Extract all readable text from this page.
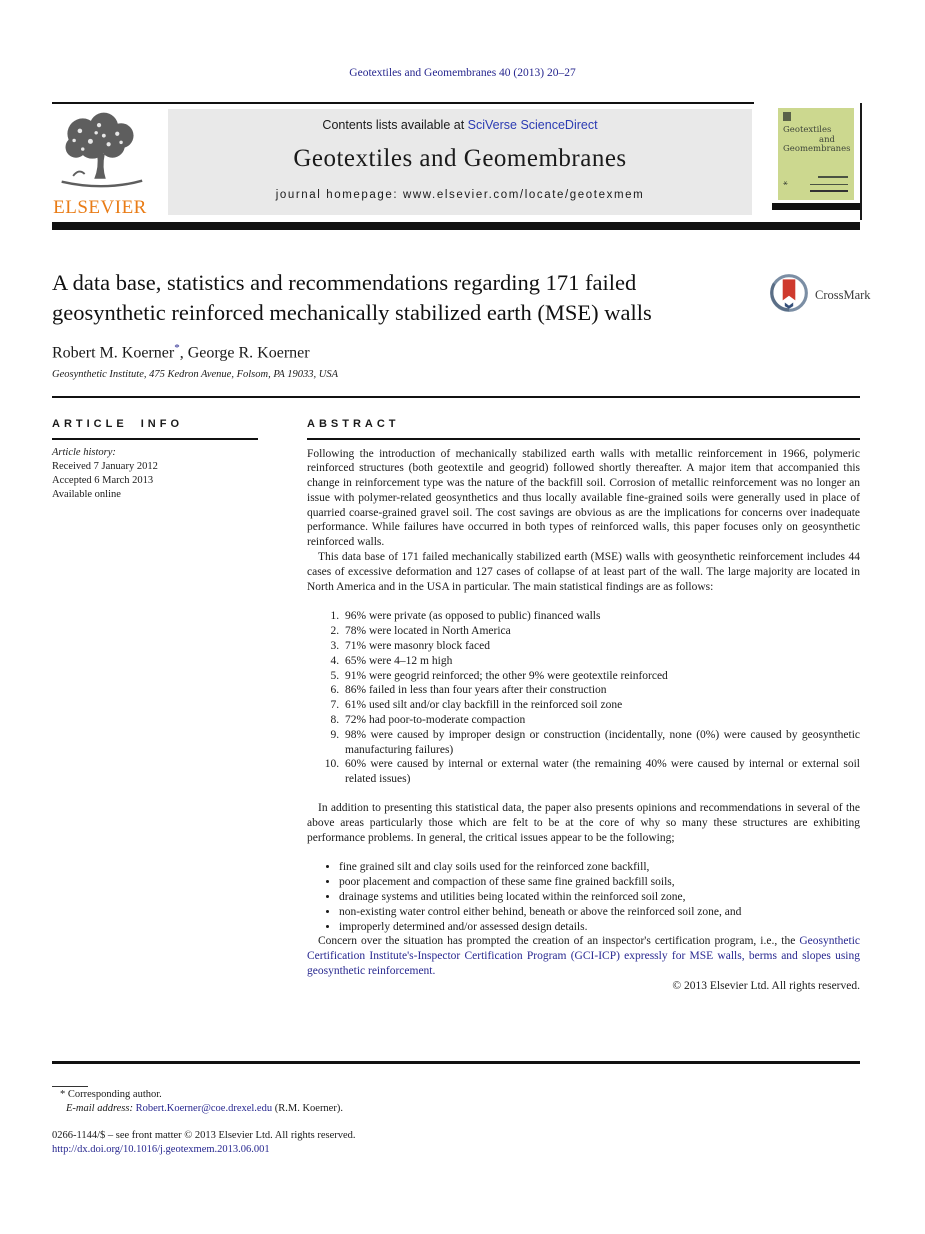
Geotextiles and Geomembranes 40 (2013) 20–27
ELSEVIER
Contents lists available at SciVerse ScienceDirect
Geotextiles and Geomembranes
journal homepage: www.elsevier.com/locate/geotexmem
Geotextiles
and
Geomembranes
⚹
A data base, statistics and recommendations regarding 171 failed geosynthetic reinforced mechanically stabilized earth (MSE) walls
CrossMark
Robert M. Koerner*, George R. Koerner
Geosynthetic Institute, 475 Kedron Avenue, Folsom, PA 19033, USA
ARTICLE INFO
Article history:
Received 7 January 2012
Accepted 6 March 2013
Available online
ABSTRACT

Following the introduction of mechanically stabilized earth walls with metallic reinforcement in 1966, polymeric reinforced structures (both geotextile and geogrid) followed shortly thereafter. A major item that accompanied this change in reinforcement type was the nature of the backfill soil. Corrosion of metallic reinforcement was no longer an issue with polymer-related geosynthetics and thus locally available fine-grained soils were generally used in place of quarried coarse-grained gravel soil. The cost savings are obvious as are the implications for concerns over inadequate performance. While failures have occurred in both types of reinforced walls, this paper focuses only on geosynthetic reinforced walls.

This data base of 171 failed mechanically stabilized earth (MSE) walls with geosynthetic reinforcement includes 44 cases of excessive deformation and 127 cases of collapse of at least part of the wall. The large majority are located in North America and in the USA in particular. The main statistical findings are as follows:

1. 96% were private (as opposed to public) financed walls
2. 78% were located in North America
3. 71% were masonry block faced
4. 65% were 4–12 m high
5. 91% were geogrid reinforced; the other 9% were geotextile reinforced
6. 86% failed in less than four years after their construction
7. 61% used silt and/or clay backfill in the reinforced soil zone
8. 72% had poor-to-moderate compaction
9. 98% were caused by improper design or construction (incidentally, none (0%) were caused by geosynthetic manufacturing failures)
10. 60% were caused by internal or external water (the remaining 40% were caused by internal or external soil related issues)

In addition to presenting this statistical data, the paper also presents opinions and recommendations in several of the above areas particularly those which are felt to be at the core of why so many these structures are exhibiting performance problems. In general, the critical issues appear to be the following;

• fine grained silt and clay soils used for the reinforced zone backfill,
• poor placement and compaction of these same fine grained backfill soils,
• drainage systems and utilities being located within the reinforced soil zone,
• non-existing water control either behind, beneath or above the reinforced soil zone, and
• improperly determined and/or assessed design details.

Concern over the situation has prompted the creation of an inspector's certification program, i.e., the Geosynthetic Certification Institute's-Inspector Certification Program (GCI-ICP) expressly for MSE walls, berms and slopes using geosynthetic reinforcement.

© 2013 Elsevier Ltd. All rights reserved.

* Corresponding author.
E-mail address: Robert.Koerner@coe.drexel.edu (R.M. Koerner).
0266-1144/$ – see front matter © 2013 Elsevier Ltd. All rights reserved.
http://dx.doi.org/10.1016/j.geotexmem.2013.06.001
